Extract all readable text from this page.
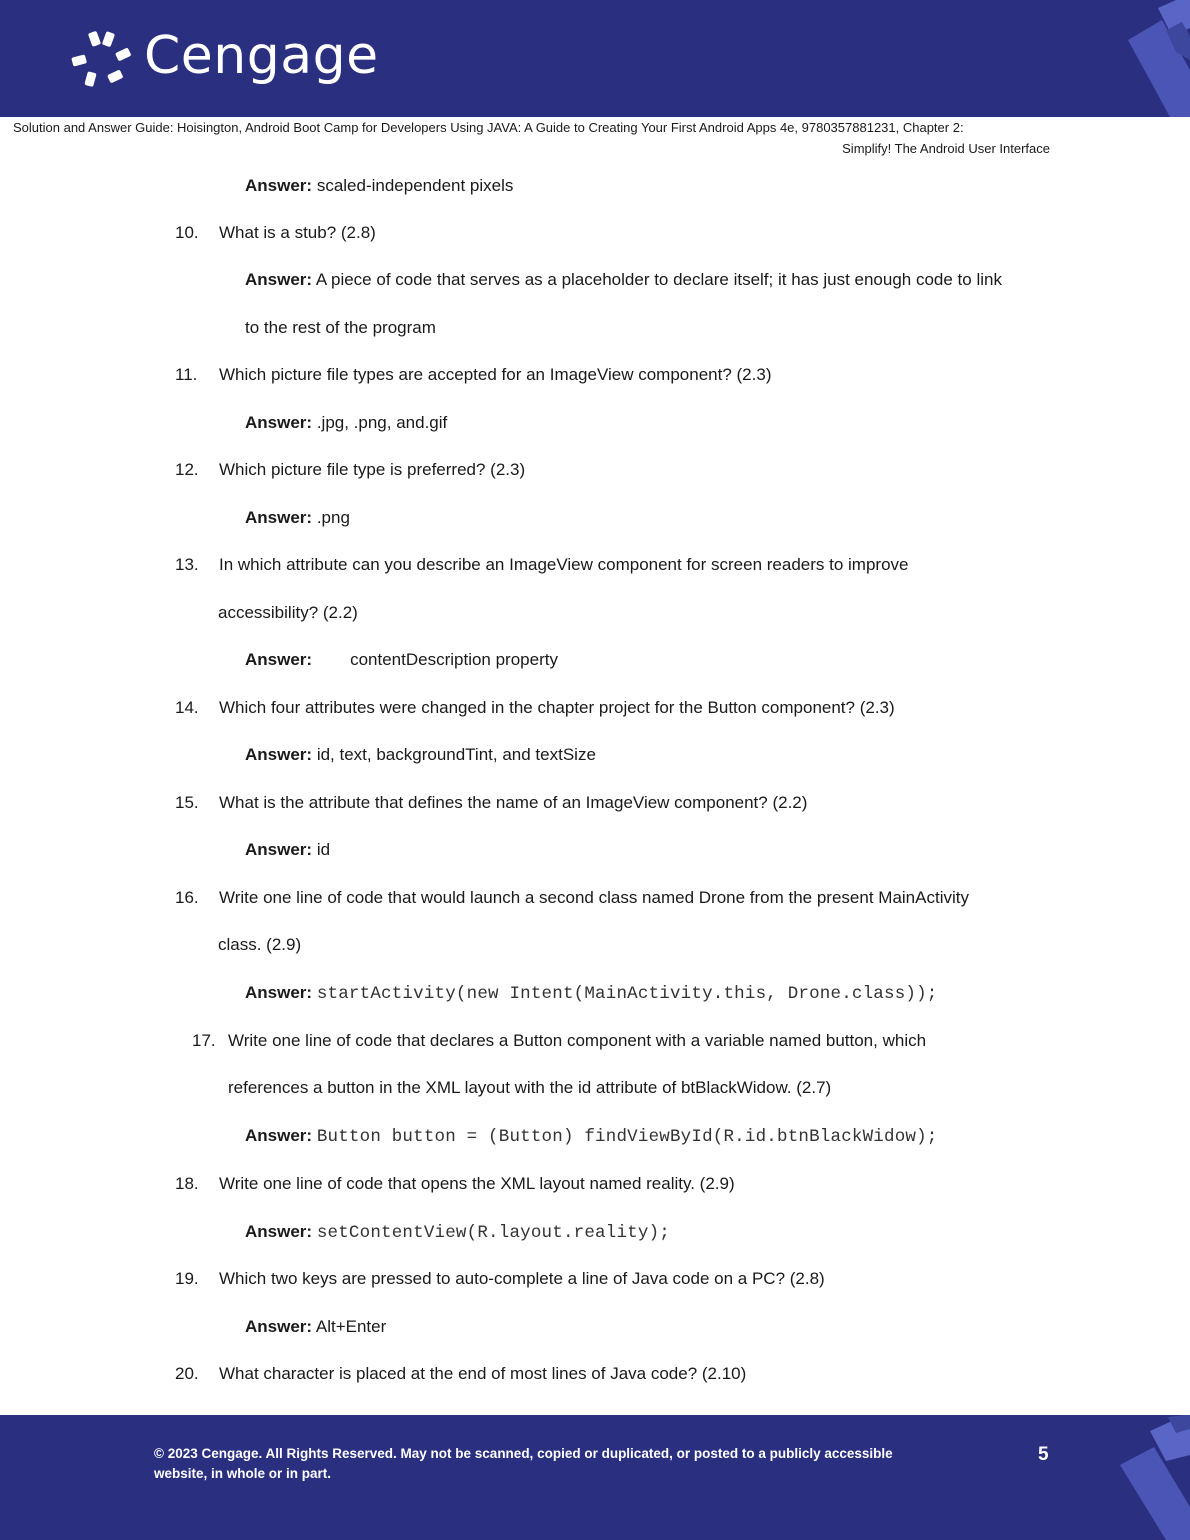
Cengage
Solution and Answer Guide: Hoisington, Android Boot Camp for Developers Using JAVA: A Guide to Creating Your First Android Apps 4e, 9780357881231, Chapter 2:
Simplify! The Android User Interface
Answer: scaled-independent pixels
10. What is a stub? (2.8)
Answer: A piece of code that serves as a placeholder to declare itself; it has just enough code to link
to the rest of the program
11. Which picture file types are accepted for an ImageView component? (2.3)
Answer: .jpg, .png, and.gif
12. Which picture file type is preferred? (2.3)
Answer: .png
13. In which attribute can you describe an ImageView component for screen readers to improve
accessibility? (2.2)
Answer: contentDescription property
14. Which four attributes were changed in the chapter project for the Button component? (2.3)
Answer: id, text, backgroundTint, and textSize
15. What is the attribute that defines the name of an ImageView component? (2.2)
Answer: id
16. Write one line of code that would launch a second class named Drone from the present MainActivity
class. (2.9)
Answer: startActivity(new Intent(MainActivity.this, Drone.class));
17. Write one line of code that declares a Button component with a variable named button, which
references a button in the XML layout with the id attribute of btBlackWidow. (2.7)
Answer: Button button = (Button) findViewById(R.id.btnBlackWidow);
18. Write one line of code that opens the XML layout named reality. (2.9)
Answer: setContentView(R.layout.reality);
19. Which two keys are pressed to auto-complete a line of Java code on a PC? (2.8)
Answer: Alt+Enter
20. What character is placed at the end of most lines of Java code? (2.10)
© 2023 Cengage. All Rights Reserved. May not be scanned, copied or duplicated, or posted to a publicly accessible website, in whole or in part.
5
